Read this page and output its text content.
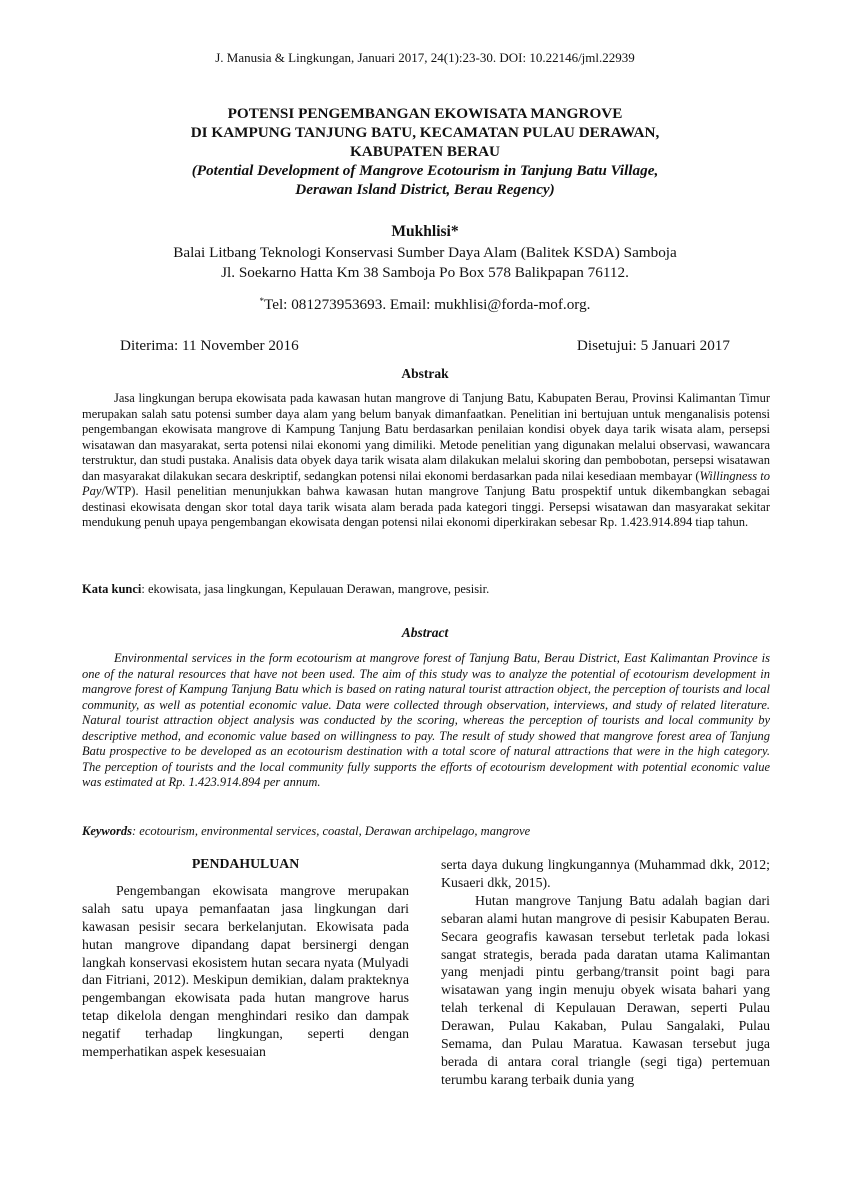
J. Manusia & Lingkungan, Januari 2017, 24(1):23-30. DOI: 10.22146/jml.22939
POTENSI PENGEMBANGAN EKOWISATA MANGROVE
DI KAMPUNG TANJUNG BATU, KECAMATAN PULAU DERAWAN,
KABUPATEN BERAU
(Potential Development of Mangrove Ecotourism in Tanjung Batu Village,
Derawan Island District, Berau Regency)
Mukhlisi*
Balai Litbang Teknologi Konservasi Sumber Daya Alam (Balitek KSDA) Samboja
Jl. Soekarno Hatta Km 38 Samboja Po Box 578 Balikpapan 76112.
*Tel: 081273953693. Email: mukhlisi@forda-mof.org.
Diterima: 11 November 2016	Disetujui: 5 Januari 2017
Abstrak

Jasa lingkungan berupa ekowisata pada kawasan hutan mangrove di Tanjung Batu, Kabupaten Berau, Provinsi Kalimantan Timur merupakan salah satu potensi sumber daya alam yang belum banyak dimanfaatkan. Penelitian ini bertujuan untuk menganalisis potensi pengembangan ekowisata mangrove di Kampung Tanjung Batu berdasarkan penilaian kondisi obyek daya tarik wisata alam, persepsi wisatawan dan masyarakat, serta potensi nilai ekonomi yang dimiliki. Metode penelitian yang digunakan melalui observasi, wawancara terstruktur, dan studi pustaka. Analisis data obyek daya tarik wisata alam dilakukan melalui skoring dan pembobotan, persepsi wisatawan dan masyarakat dilakukan secara deskriptif, sedangkan potensi nilai ekonomi berdasarkan pada nilai kesediaan membayar (Willingness to Pay/WTP). Hasil penelitian menunjukkan bahwa kawasan hutan mangrove Tanjung Batu prospektif untuk dikembangkan sebagai destinasi ekowisata dengan skor total daya tarik wisata alam berada pada kategori tinggi. Persepsi wisatawan dan masyarakat sekitar mendukung penuh upaya pengembangan ekowisata dengan potensi nilai ekonomi diperkirakan sebesar Rp. 1.423.914.894 tiap tahun.

Kata kunci: ekowisata, jasa lingkungan, Kepulauan Derawan, mangrove, pesisir.
Abstract

Environmental services in the form ecotourism at mangrove forest of Tanjung Batu, Berau District, East Kalimantan Province is one of the natural resources that have not been used. The aim of this study was to analyze the potential of ecotourism development in mangrove forest of Kampung Tanjung Batu which is based on rating natural tourist attraction object, the perception of tourists and local community, as well as potential economic value. Data were collected through observation, interviews, and study of related literature. Natural tourist attraction object analysis was conducted by the scoring, whereas the perception of tourists and local community by descriptive method, and economic value based on willingness to pay. The result of study showed that mangrove forest area of Tanjung Batu prospective to be developed as an ecotourism destination with a total score of natural attractions that were in the high category. The perception of tourists and the local community fully supports the efforts of ecotourism development with potential economic value was estimated at Rp. 1.423.914.894 per annum.

Keywords: ecotourism, environmental services, coastal, Derawan archipelago, mangrove
PENDAHULUAN

Pengembangan ekowisata mangrove merupakan salah satu upaya pemanfaatan jasa lingkungan dari kawasan pesisir secara berkelanjutan. Ekowisata pada hutan mangrove dipandang dapat bersinergi dengan langkah konservasi ekosistem hutan secara nyata (Mulyadi dan Fitriani, 2012). Meskipun demikian, dalam prakteknya pengembangan ekowisata pada hutan mangrove harus tetap dikelola dengan menghindari resiko dan dampak negatif terhadap lingkungan, seperti dengan memperhatikan aspek kesesuaian

serta daya dukung lingkungannya (Muhammad dkk, 2012; Kusaeri dkk, 2015).

Hutan mangrove Tanjung Batu adalah bagian dari sebaran alami hutan mangrove di pesisir Kabupaten Berau. Secara geografis kawasan tersebut terletak pada lokasi sangat strategis, berada pada daratan utama Kalimantan yang menjadi pintu gerbang/transit point bagi para wisatawan yang ingin menuju obyek wisata bahari yang telah terkenal di Kepulauan Derawan, seperti Pulau Derawan, Pulau Kakaban, Pulau Sangalaki, Pulau Semama, dan Pulau Maratua. Kawasan tersebut juga berada di antara coral triangle (segi tiga) pertemuan terumbu karang terbaik dunia yang
